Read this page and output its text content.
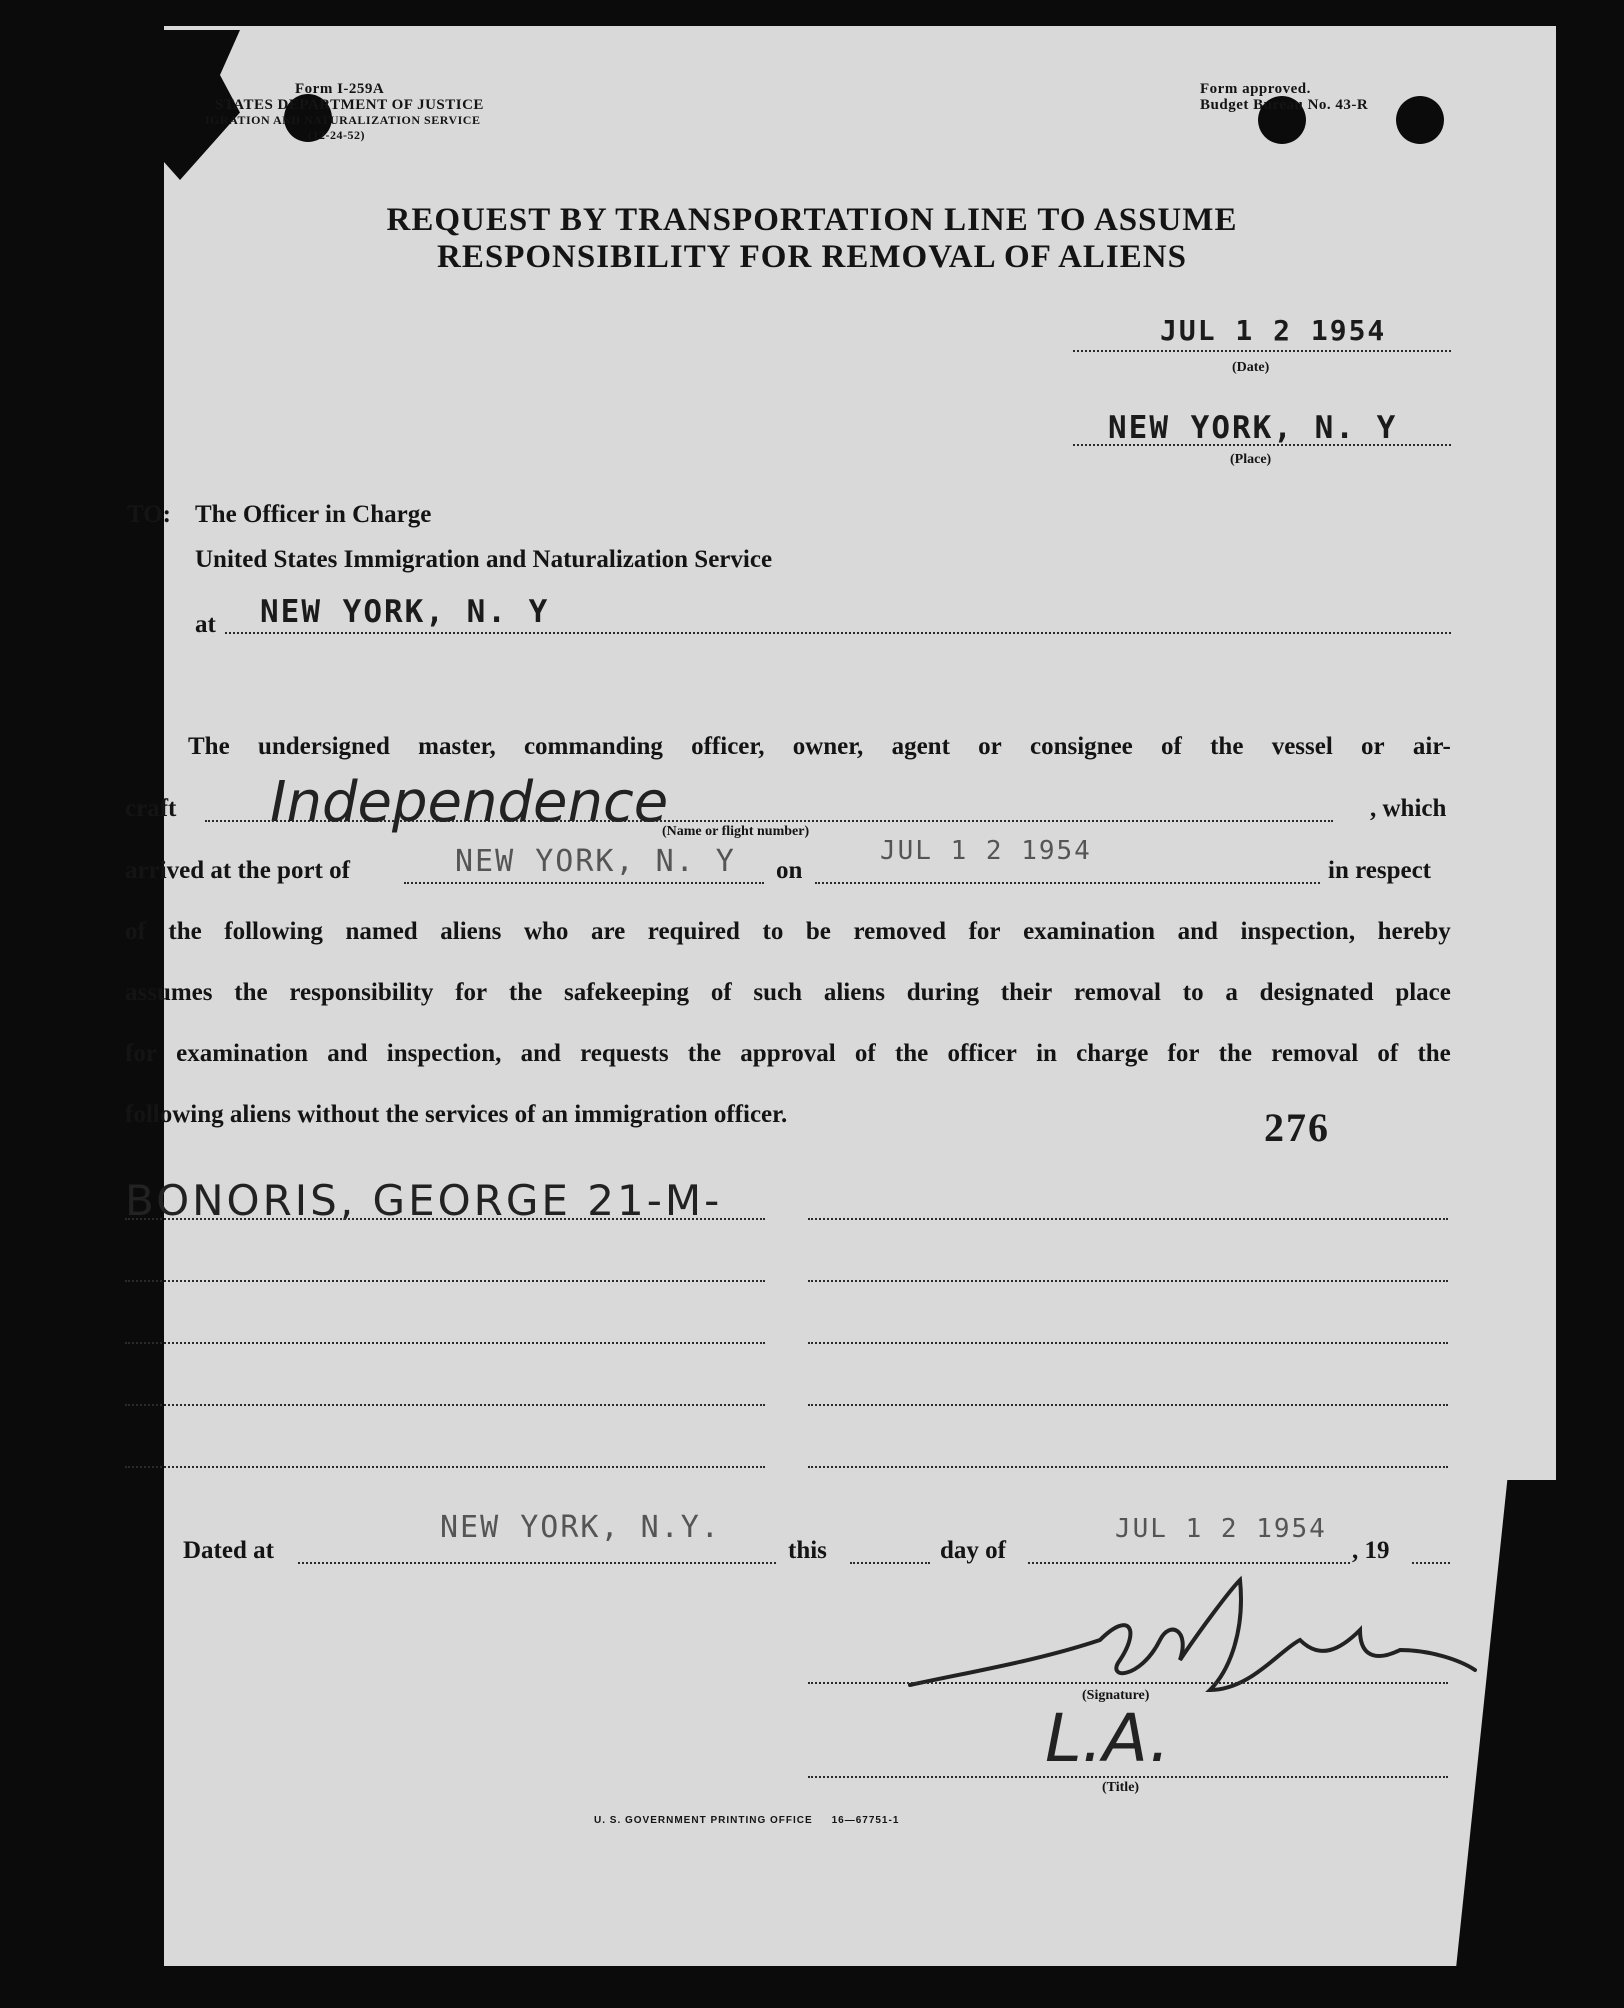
Form I-259A
STATES DEPARTMENT OF JUSTICE
IGRATION AND NATURALIZATION SERVICE
(12-24-52)
Form approved.
Budget Bureau No. 43-R
REQUEST BY TRANSPORTATION LINE TO ASSUME
RESPONSIBILITY FOR REMOVAL OF ALIENS
JUL 1 2 1954
(Date)
NEW YORK, N. Y
(Place)
TO: The Officer in Charge
United States Immigration and Naturalization Service
at NEW YORK, N. Y
The undersigned master, commanding officer, owner, agent or consignee of the vessel or air-
craft Independence
(Name or flight number)
, which
arrived at the port of	NEW YORK, N. Y on
JUL 1 2 1954
in respect
of the following named aliens who are required to be removed for examination and inspection, hereby
assumes the responsibility for the safekeeping of such aliens during their removal to a designated place
for examination and inspection, and requests the approval of the officer in charge for the removal of the
following aliens without the services of an immigration officer.	276
BONORIS, GEORGE 21-M-
Dated at
NEW YORK, N.Y.
this	day of
JUL 1 2 1954
, 19
(Signature)
L.A.
(Title)
U. S. GOVERNMENT PRINTING OFFICE     16—67751-1
